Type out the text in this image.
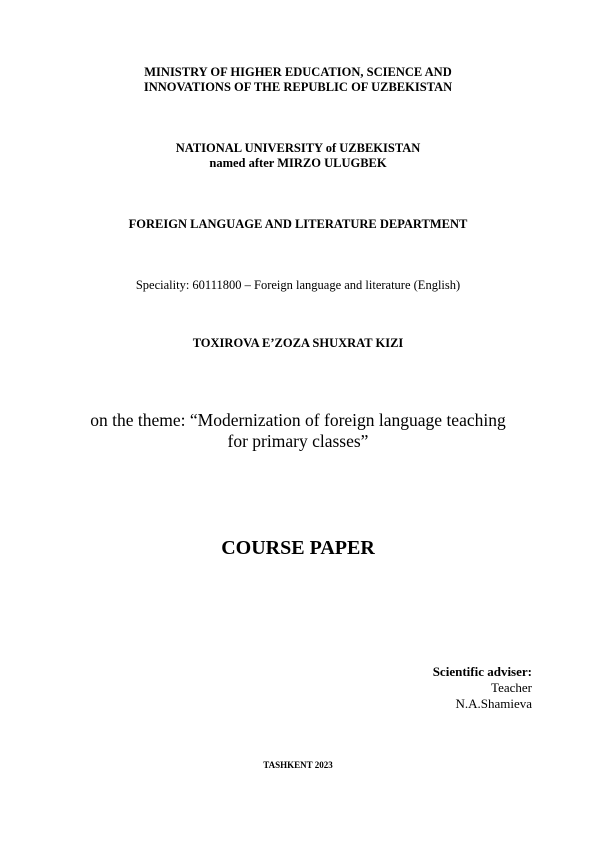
MINISTRY OF HIGHER EDUCATION, SCIENCE AND
INNOVATIONS OF THE REPUBLIC OF UZBEKISTAN
NATIONAL UNIVERSITY of UZBEKISTAN
named after MIRZO ULUGBEK
FOREIGN LANGUAGE AND LITERATURE DEPARTMENT
Speciality: 60111800 – Foreign language and literature (English)
TOXIROVA E’ZOZA SHUXRAT KIZI
on the theme: “Modernization of foreign language teaching
for primary classes”
COURSE PAPER
Scientific adviser:
Teacher
N.A.Shamieva
TASHKENT 2023
